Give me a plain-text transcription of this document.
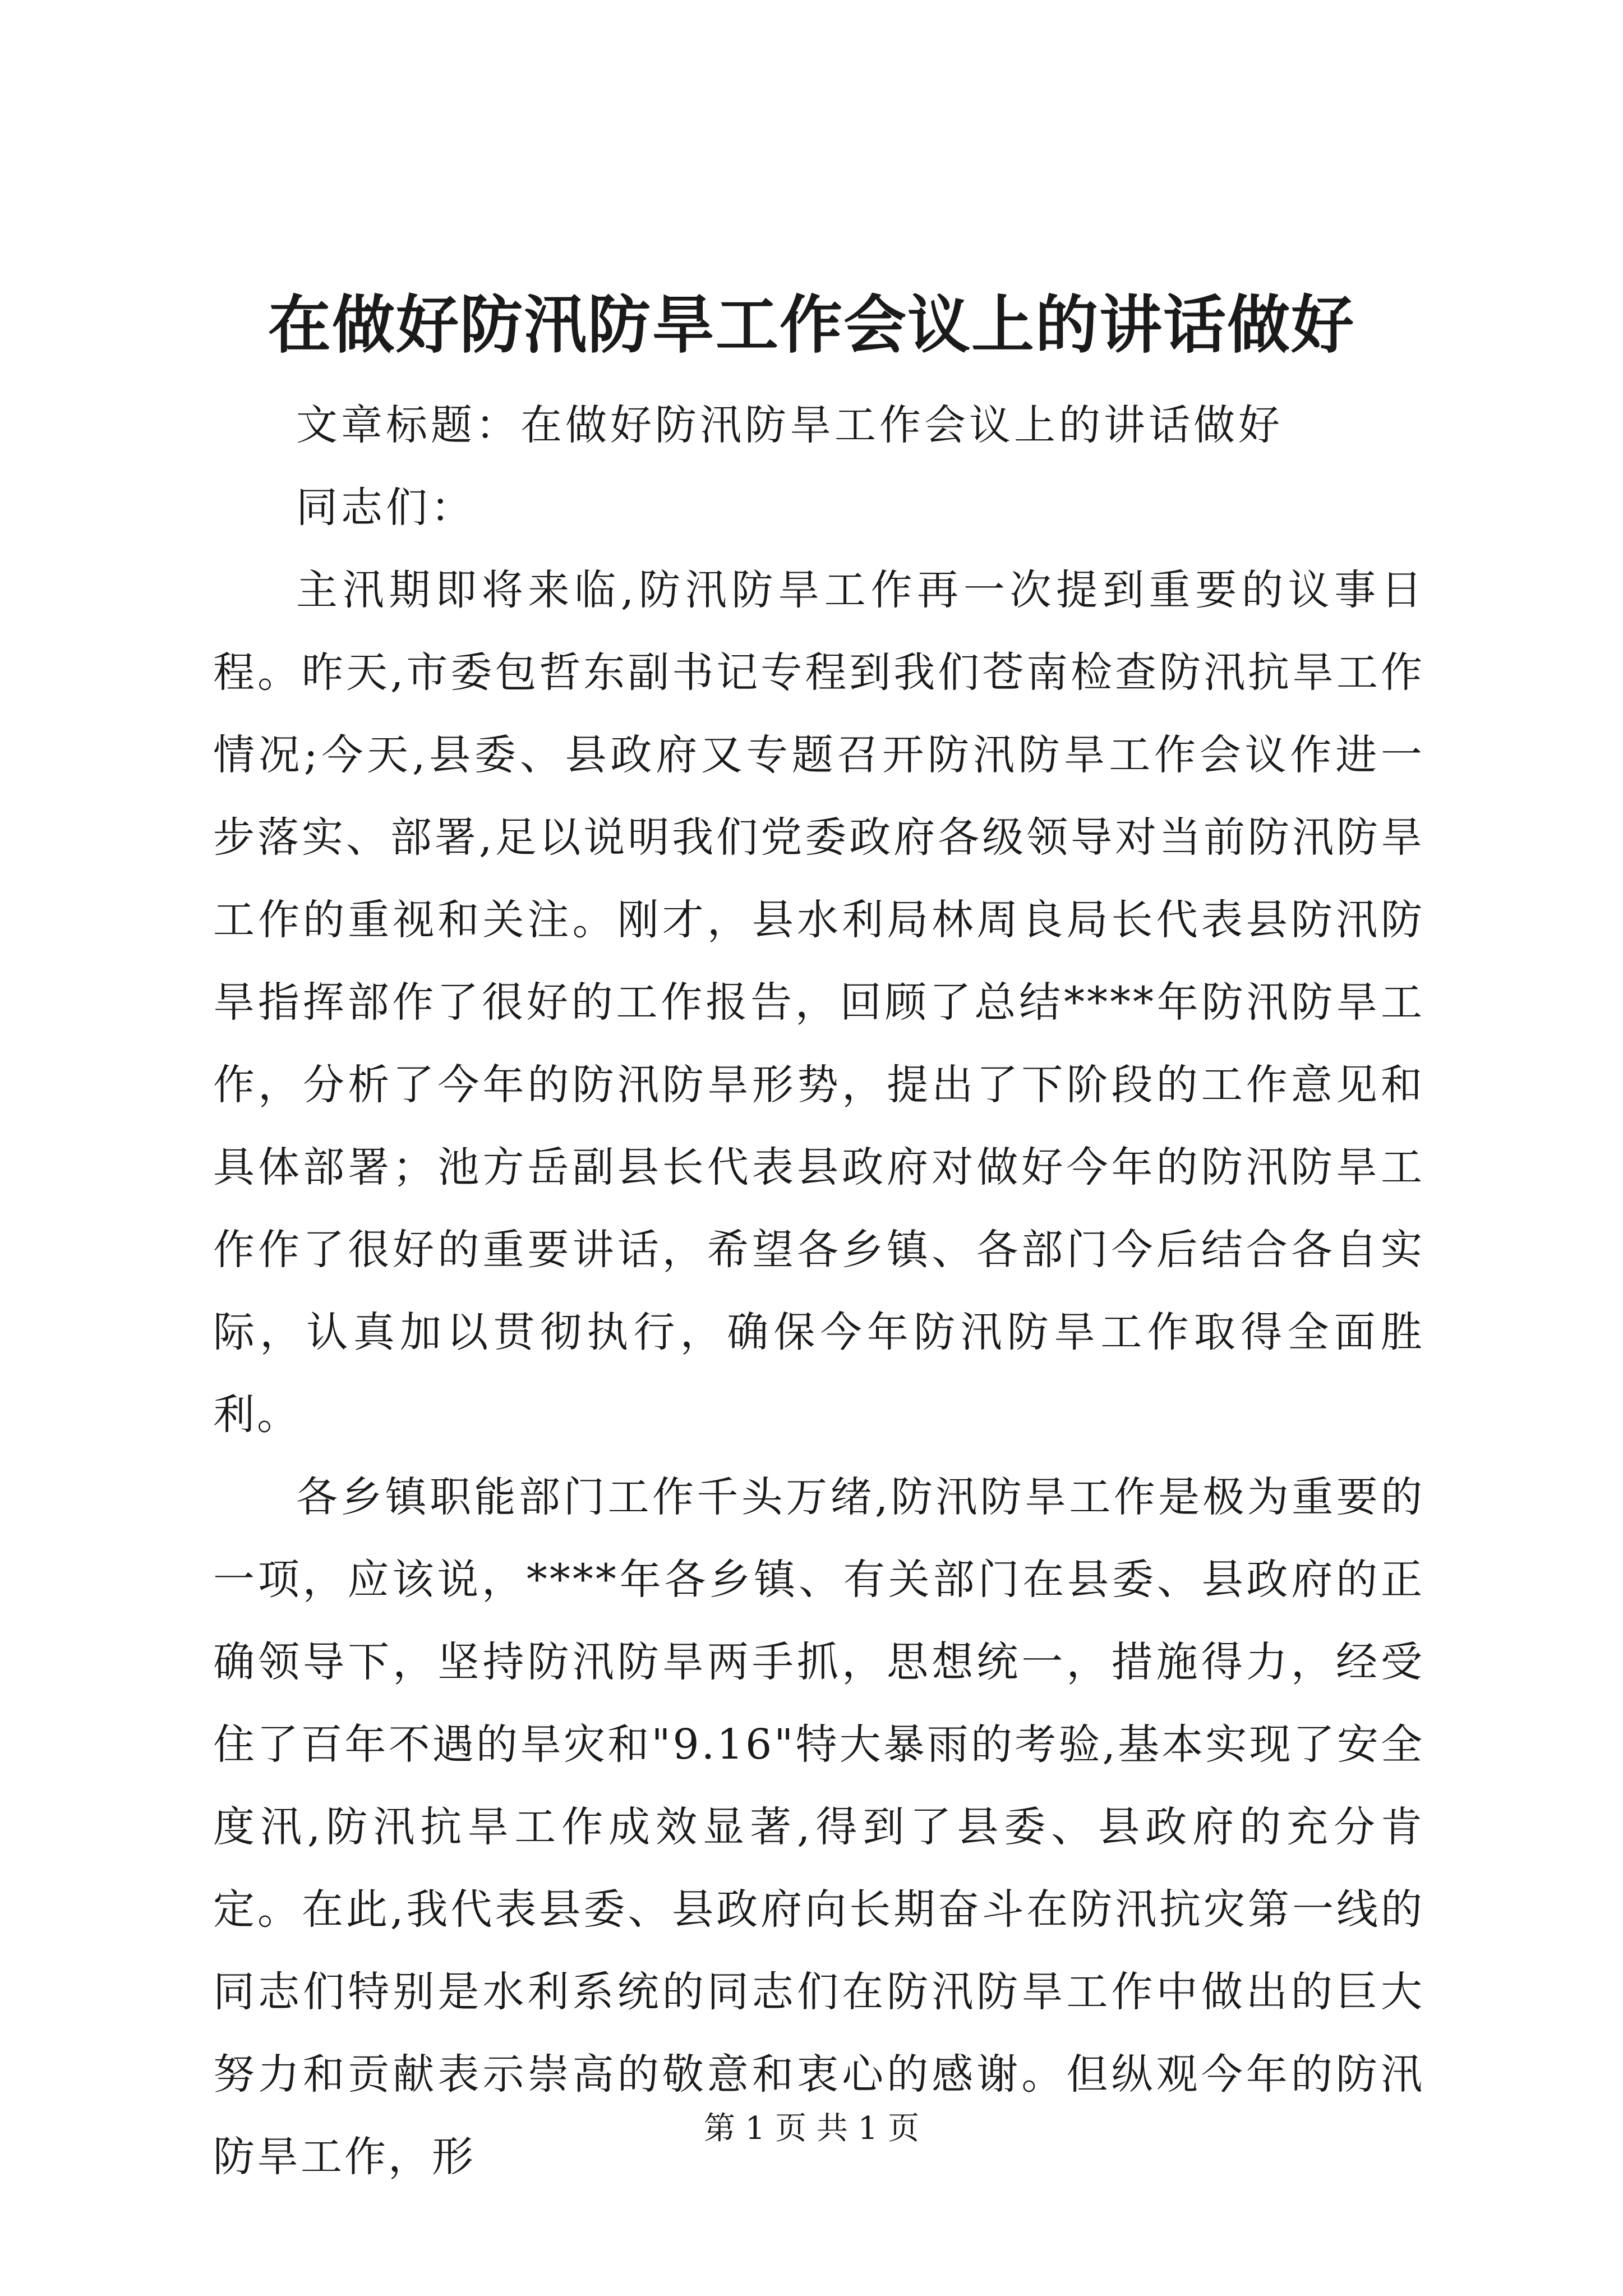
在做好防汛防旱工作会议上的讲话做好

文章标题：在做好防汛防旱工作会议上的讲话做好

同志们：

主汛期即将来临,防汛防旱工作再一次提到重要的议事日程。昨天,市委包哲东副书记专程到我们苍南检查防汛抗旱工作情况;今天,县委、县政府又专题召开防汛防旱工作会议作进一步落实、部署,足以说明我们党委政府各级领导对当前防汛防旱工作的重视和关注。刚才，县水利局林周良局长代表县防汛防旱指挥部作了很好的工作报告，回顾了总结****年防汛防旱工作，分析了今年的防汛防旱形势，提出了下阶段的工作意见和具体部署；池方岳副县长代表县政府对做好今年的防汛防旱工作作了很好的重要讲话，希望各乡镇、各部门今后结合各自实际，认真加以贯彻执行，确保今年防汛防旱工作取得全面胜利。

各乡镇职能部门工作千头万绪,防汛防旱工作是极为重要的一项，应该说，****年各乡镇、有关部门在县委、县政府的正确领导下，坚持防汛防旱两手抓，思想统一，措施得力，经受住了百年不遇的旱灾和"9.16"特大暴雨的考验,基本实现了安全度汛,防汛抗旱工作成效显著,得到了县委、县政府的充分肯定。在此,我代表县委、县政府向长期奋斗在防汛抗灾第一线的同志们特别是水利系统的同志们在防汛防旱工作中做出的巨大努力和贡献表示崇高的敬意和衷心的感谢。但纵观今年的防汛防旱工作，形

第 1 页 共 1 页
